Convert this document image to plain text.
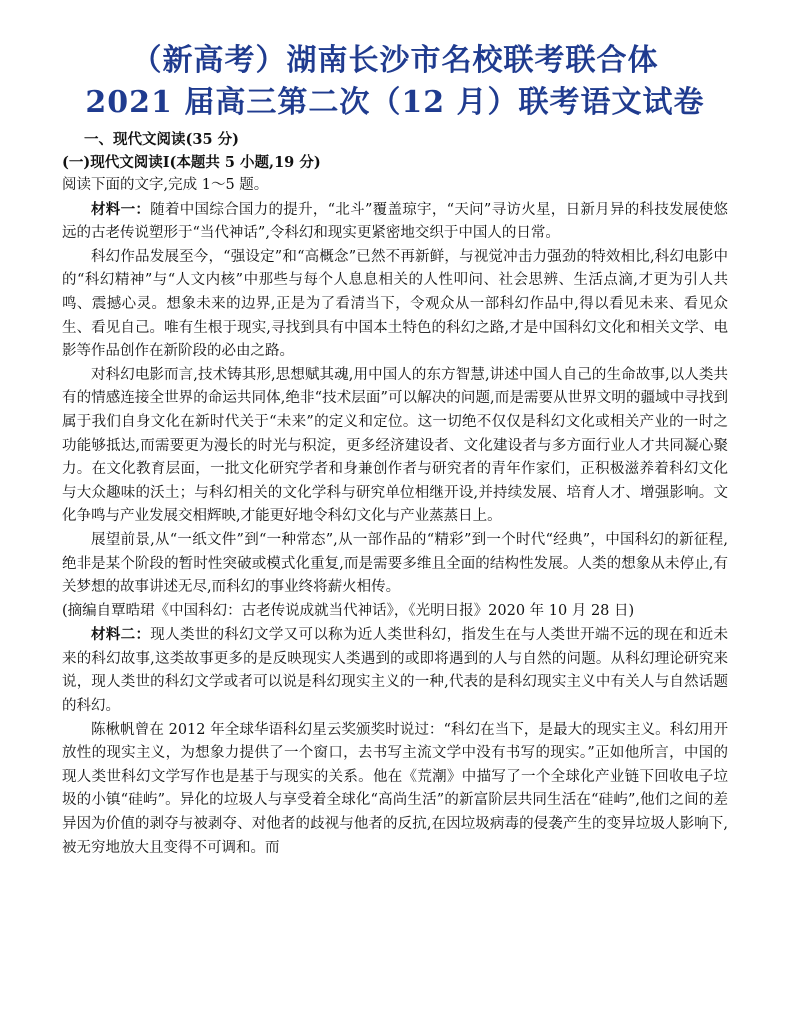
（新高考）湖南长沙市名校联考联合体
2021 届高三第二次（12 月）联考语文试卷

一、现代文阅读(35 分)

(一)现代文阅读Ⅰ(本题共 5 小题,19 分)

阅读下面的文字,完成 1～5 题。

材料一：随着中国综合国力的提升，“北斗”覆盖琼宇，“天问”寻访火星，日新月异的科技发展使悠远的古老传说塑形于“当代神话”,令科幻和现实更紧密地交织于中国人的日常。

科幻作品发展至今，“强设定”和“高概念”已然不再新鲜，与视觉冲击力强劲的特效相比,科幻电影中的“科幻精神”与“人文内核”中那些与每个人息息相关的人性叩问、社会思辨、生活点滴,才更为引人共鸣、震撼心灵。想象未来的边界,正是为了看清当下，令观众从一部科幻作品中,得以看见未来、看见众生、看见自己。唯有生根于现实,寻找到具有中国本土特色的科幻之路,才是中国科幻文化和相关文学、电影等作品创作在新阶段的必由之路。

对科幻电影而言,技术铸其形,思想赋其魂,用中国人的东方智慧,讲述中国人自己的生命故事,以人类共有的情感连接全世界的命运共同体,绝非“技术层面”可以解决的问题,而是需要从世界文明的疆域中寻找到属于我们自身文化在新时代关于“未来”的定义和定位。这一切绝不仅仅是科幻文化或相关产业的一时之功能够抵达,而需要更为漫长的时光与积淀，更多经济建设者、文化建设者与多方面行业人才共同凝心聚力。在文化教育层面，一批文化研究学者和身兼创作者与研究者的青年作家们，正积极滋养着科幻文化与大众趣味的沃土；与科幻相关的文化学科与研究单位相继开设,并持续发展、培育人才、增强影响。文化争鸣与产业发展交相辉映,才能更好地令科幻文化与产业蒸蒸日上。

展望前景,从“一纸文件”到“一种常态”,从一部作品的“精彩”到一个时代“经典”，中国科幻的新征程,绝非是某个阶段的暂时性突破或模式化重复,而是需要多维且全面的结构性发展。人类的想象从未停止,有关梦想的故事讲述无尽,而科幻的事业终将薪火相传。

(摘编自覃晧珺《中国科幻：古老传说成就当代神话》，《光明日报》2020 年 10 月 28 日)

材料二：现人类世的科幻文学又可以称为近人类世科幻，指发生在与人类世开端不远的现在和近未来的科幻故事,这类故事更多的是反映现实人类遇到的或即将遇到的人与自然的问题。从科幻理论研究来说，现人类世的科幻文学或者可以说是科幻现实主义的一种,代表的是科幻现实主义中有关人与自然话题的科幻。

陈楸帆曾在 2012 年全球华语科幻星云奖颁奖时说过：“科幻在当下，是最大的现实主义。科幻用开放性的现实主义，为想象力提供了一个窗口，去书写主流文学中没有书写的现实。”正如他所言，中国的现人类世科幻文学写作也是基于与现实的关系。他在《荒潮》中描写了一个全球化产业链下回收电子垃圾的小镇“硅屿”。异化的垃圾人与享受着全球化“高尚生活”的新富阶层共同生活在“硅屿”,他们之间的差异因为价值的剥夺与被剥夺、对他者的歧视与他者的反抗,在因垃圾病毒的侵袭产生的变异垃圾人影响下,被无穷地放大且变得不可调和。而
